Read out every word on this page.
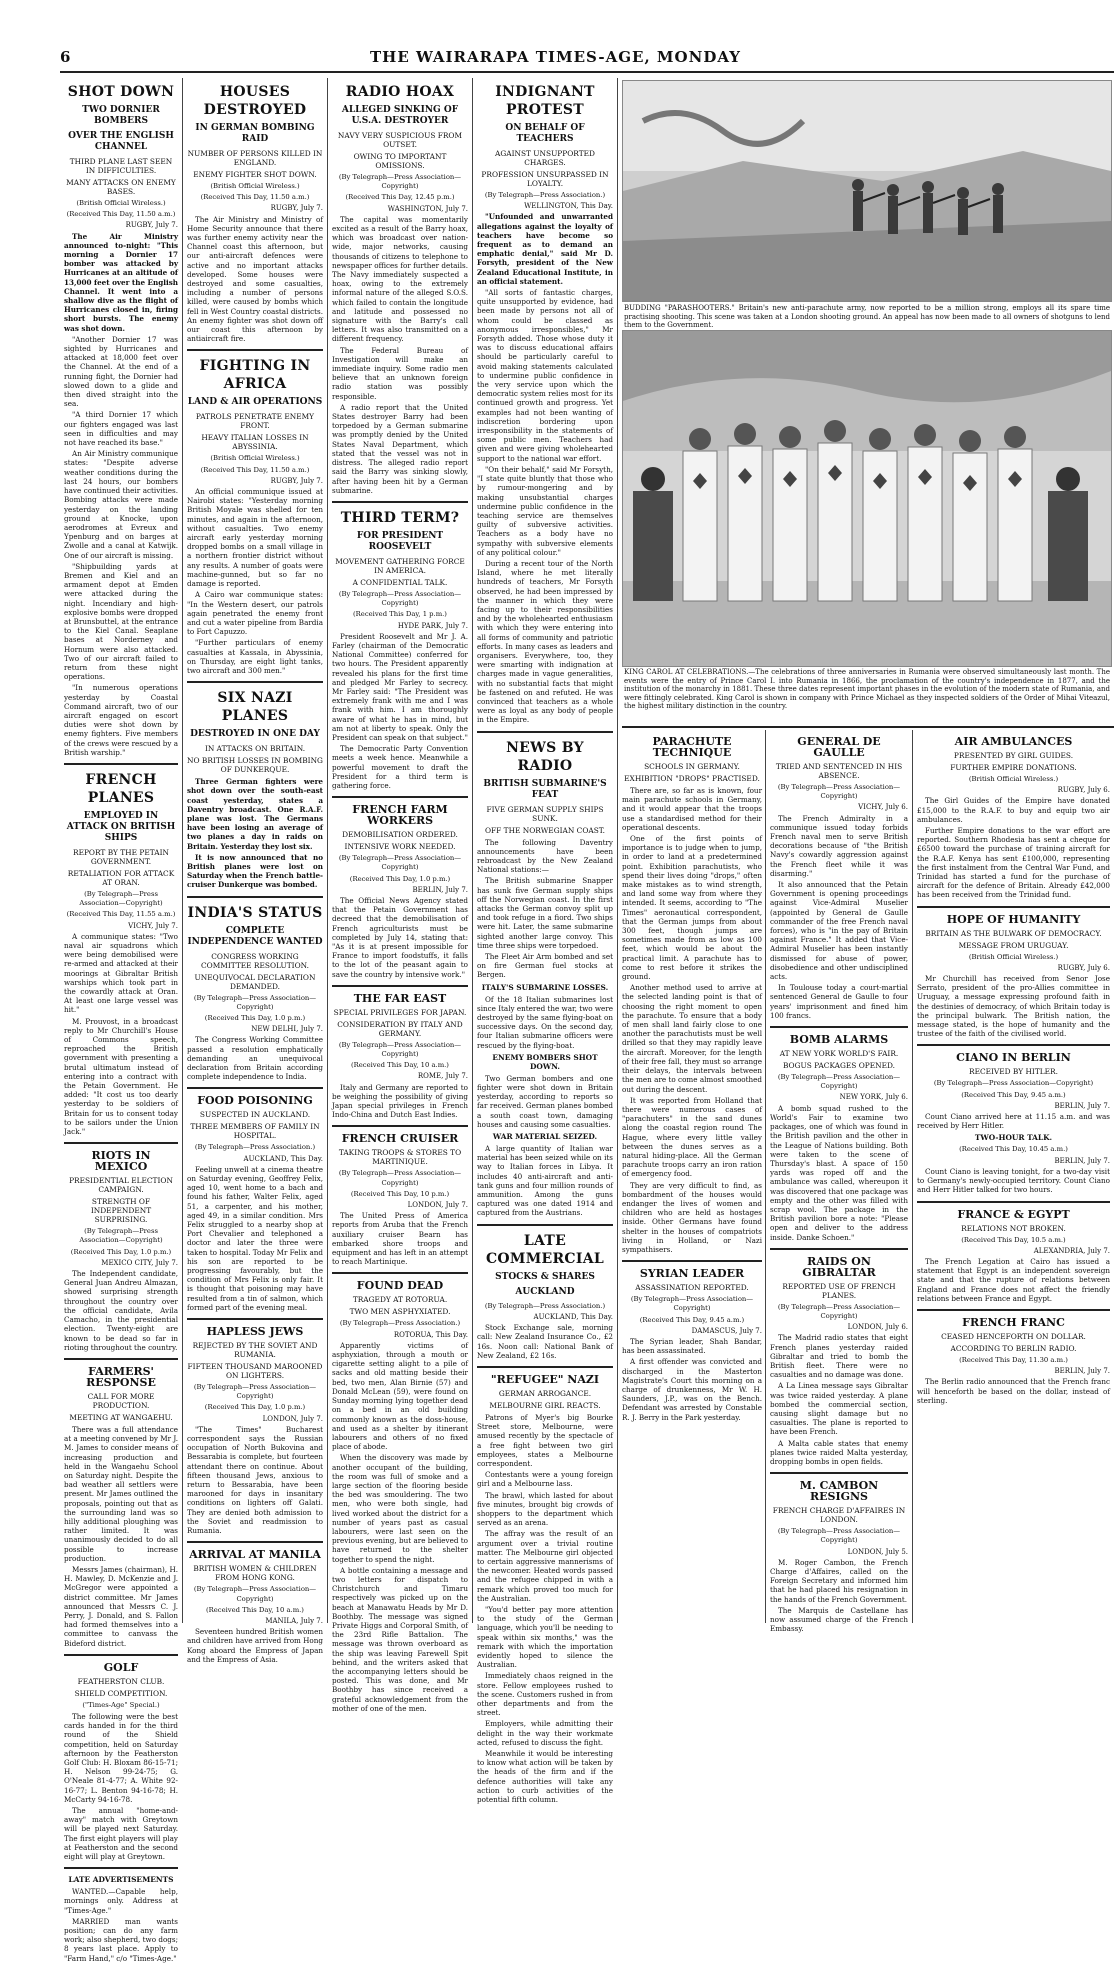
6	THE WAIRARAPA TIMES-AGE, MONDAY
SHOT DOWN
TWO DORNIER BOMBERS
OVER THE ENGLISH CHANNEL
THIRD PLANE LAST SEEN IN DIFFICULTIES.
MANY ATTACKS ON ENEMY BASES.
(British Official Wireless.)
(Received This Day, 11.50 a.m.)
RUGBY, July 7.

The Air Ministry announced to-night: "This morning a Dornier 17 bomber was attacked by Hurricanes at an altitude of 13,000 feet over the English Channel. It went into a shallow dive as the flight of Hurricanes closed in, firing short bursts. The enemy was shot down.

"Another Dornier 17 was sighted by Hurricanes and attacked at 18,000 feet over the Channel. At the end of a running fight, the Dornier had slowed down to a glide and then dived straight into the sea.

"A third Dornier 17 which our fighters engaged was last seen in difficulties and may not have reached its base."

An Air Ministry communique states: "Despite adverse weather conditions during the last 24 hours, our bombers have continued their activities. Bombing attacks were made yesterday on the landing ground at Knocke, upon aerodromes at Evreux and Ypenburg and on barges at Zwolle and a canal at Katwijk. One of our aircraft is missing.

"Shipbuilding yards at Bremen and Kiel and an armament depot at Emden were attacked during the night. Incendiary and high-explosive bombs were dropped at Brunsbuttel, at the entrance to the Kiel Canal. Seaplane bases at Norderney and Hornum were also attacked. Two of our aircraft failed to return from these night operations.

"In numerous operations yesterday by Coastal Command aircraft, two of our aircraft engaged on escort duties were shot down by enemy fighters. Five members of the crews were rescued by a British warship."

FRENCH PLANES
EMPLOYED IN ATTACK ON BRITISH SHIPS
REPORT BY THE PETAIN GOVERNMENT.
RETALIATION FOR ATTACK AT ORAN.
(By Telegraph—Press Association—Copyright)
(Received This Day, 11.55 a.m.)
VICHY, July 7.

A communique states: "Two naval air squadrons which were being demobilised were re-armed and attacked at their moorings at Gibraltar British warships which took part in the cowardly attack at Oran. At least one large vessel was hit."

M. Prouvost, in a broadcast reply to Mr Churchill's House of Commons speech, reproached the British government with presenting a brutal ultimatum instead of entering into a contract with the Petain Government. He added: "It cost us too dearly yesterday to be soldiers of Britain for us to consent today to be sailors under the Union Jack."

RIOTS IN MEXICO
PRESIDENTIAL ELECTION CAMPAIGN.
STRENGTH OF INDEPENDENT SURPRISING.
(By Telegraph—Press Association—Copyright)
(Received This Day, 1.0 p.m.)
MEXICO CITY, July 7.

The Independent candidate, General Juan Andreu Almazan, showed surprising strength throughout the country over the official candidate, Avila Camacho, in the presidential election. Twenty-eight are known to be dead so far in rioting throughout the country.

FARMERS' RESPONSE
CALL FOR MORE PRODUCTION.
MEETING AT WANGAEHU.

There was a full attendance at a meeting convened by Mr J. M. James to consider means of increasing production and held in the Wangaehu School on Saturday night. Despite the bad weather all settlers were present. Mr James outlined the proposals, pointing out that as the surrounding land was so hilly additional ploughing was rather limited. It was unanimously decided to do all possible to increase production.

Messrs James (chairman), H. H. Mawley, D. McKenzie and J. McGregor were appointed a district committee. Mr James announced that Messrs C. J. Perry, J. Donald, and S. Fallon had formed themselves into a committee to canvass the Bideford district.

GOLF
FEATHERSTON CLUB.
SHIELD COMPETITION.
("Times-Age" Special.)

The following were the best cards handed in for the third round of the Shield competition, held on Saturday afternoon by the Featherston Golf Club: H. Bloxam 86-15-71; H. Nelson 99-24-75; G. O'Neale 81-4-77; A. White 92-16-77; L. Benton 94-16-78; H. McCarty 94-16-78.

The annual "home-and-away" match with Greytown will be played next Saturday. The first eight players will play at Featherston and the second eight will play at Greytown.

LATE ADVERTISEMENTS

WANTED.—Capable help, mornings only. Address at "Times-Age."

MARRIED man wants position; can do any farm work; also shepherd, two dogs; 8 years last place. Apply to "Farm Hand," c/o "Times-Age."

HOUSES DESTROYED
IN GERMAN BOMBING RAID
NUMBER OF PERSONS KILLED IN ENGLAND.
ENEMY FIGHTER SHOT DOWN.
(British Official Wireless.)
(Received This Day, 11.50 a.m.)
RUGBY, July 7.

The Air Ministry and Ministry of Home Security announce that there was further enemy activity near the Channel coast this afternoon, but our anti-aircraft defences were active and no important attacks developed. Some houses were destroyed and some casualties, including a number of persons killed, were caused by bombs which fell in West Country coastal districts. An enemy fighter was shot down off our coast this afternoon by antiaircraft fire.

FIGHTING IN AFRICA
LAND & AIR OPERATIONS
PATROLS PENETRATE ENEMY FRONT.
HEAVY ITALIAN LOSSES IN ABYSSINIA.
(British Official Wireless.)
(Received This Day, 11.50 a.m.)
RUGBY, July 7.

An official communique issued at Nairobi states: "Yesterday morning British Moyale was shelled for ten minutes, and again in the afternoon, without casualties. Two enemy aircraft early yesterday morning dropped bombs on a small village in a northern frontier district without any results. A number of goats were machine-gunned, but so far no damage is reported.

A Cairo war communique states: "In the Western desert, our patrols again penetrated the enemy front and cut a water pipeline from Bardia to Fort Capuzzo.

"Further particulars of enemy casualties at Kassala, in Abyssinia, on Thursday, are eight light tanks, two aircraft and 300 men."

SIX NAZI PLANES
DESTROYED IN ONE DAY
IN ATTACKS ON BRITAIN.
NO BRITISH LOSSES IN BOMBING OF DUNKERQUE.

Three German fighters were shot down over the south-east coast yesterday, states a Daventry broadcast. One R.A.F. plane was lost. The Germans have been losing an average of two planes a day in raids on Britain. Yesterday they lost six.

It is now announced that no British planes were lost on Saturday when the French battle-cruiser Dunkerque was bombed.

INDIA'S STATUS
COMPLETE INDEPENDENCE WANTED
CONGRESS WORKING COMMITTEE RESOLUTION.
UNEQUIVOCAL DECLARATION DEMANDED.
(By Telegraph—Press Association—Copyright)
(Received This Day, 1.0 p.m.)
NEW DELHI, July 7.

The Congress Working Committee passed a resolution emphatically demanding an unequivocal declaration from Britain according complete independence to India.

FOOD POISONING
SUSPECTED IN AUCKLAND.
THREE MEMBERS OF FAMILY IN HOSPITAL.
(By Telegraph—Press Association.)
AUCKLAND, This Day.

Feeling unwell at a cinema theatre on Saturday evening, Geoffrey Felix, aged 10, went home to a bach and found his father, Walter Felix, aged 51, a carpenter, and his mother, aged 49, in a similar condition. Mrs Felix struggled to a nearby shop at Port Chevalier and telephoned a doctor and later the three were taken to hospital. Today Mr Felix and his son are reported to be progressing favourably, but the condition of Mrs Felix is only fair. It is thought that poisoning may have resulted from a tin of salmon, which formed part of the evening meal.

HAPLESS JEWS
REJECTED BY THE SOVIET AND RUMANIA.
FIFTEEN THOUSAND MAROONED ON LIGHTERS.
(By Telegraph—Press Association—Copyright)
(Received This Day, 1.0 p.m.)
LONDON, July 7.

"The Times" Bucharest correspondent says the Russian occupation of North Bukovina and Bessarabia is complete, but fourteen attendant there on continue. About fifteen thousand Jews, anxious to return to Bessarabia, have been marooned for days in insanitary conditions on lighters off Galati. They are denied both admission to the Soviet and readmission to Rumania.

ARRIVAL AT MANILA
BRITISH WOMEN & CHILDREN FROM HONG KONG.
(By Telegraph—Press Association—Copyright)
(Received This Day, 10 a.m.)
MANILA, July 7.

Seventeen hundred British women and children have arrived from Hong Kong aboard the Empress of Japan and the Empress of Asia.

RADIO HOAX
ALLEGED SINKING OF U.S.A. DESTROYER
NAVY VERY SUSPICIOUS FROM OUTSET.
OWING TO IMPORTANT OMISSIONS.
(By Telegraph—Press Association—Copyright)
(Received This Day, 12.45 p.m.)
WASHINGTON, July 7.

The capital was momentarily excited as a result of the Barry hoax, which was broadcast over nation-wide, major networks, causing thousands of citizens to telephone to newspaper offices for further details. The Navy immediately suspected a hoax, owing to the extremely informal nature of the alleged S.O.S. which failed to contain the longitude and latitude and possessed no signature with the Barry's call letters. It was also transmitted on a different frequency.

The Federal Bureau of Investigation will make an immediate inquiry. Some radio men believe that an unknown foreign radio station was possibly responsible.

A radio report that the United States destroyer Barry had been torpedoed by a German submarine was promptly denied by the United States Naval Department, which stated that the vessel was not in distress. The alleged radio report said the Barry was sinking slowly, after having been hit by a German submarine.

THIRD TERM?
FOR PRESIDENT ROOSEVELT
MOVEMENT GATHERING FORCE IN AMERICA.
A CONFIDENTIAL TALK.
(By Telegraph—Press Association—Copyright)
(Received This Day, 1 p.m.)
HYDE PARK, July 7.

President Roosevelt and Mr J. A. Farley (chairman of the Democratic National Committee) conferred for two hours. The President apparently revealed his plans for the first time and pledged Mr Farley to secrecy. Mr Farley said: "The President was extremely frank with me and I was frank with him. I am thoroughly aware of what he has in mind, but am not at liberty to speak. Only the President can speak on that subject."

The Democratic Party Convention meets a week hence. Meanwhile a powerful movement to draft the President for a third term is gathering force.

FRENCH FARM WORKERS
DEMOBILISATION ORDERED.
INTENSIVE WORK NEEDED.
(By Telegraph—Press Association—Copyright)
(Received This Day, 1.0 p.m.)
BERLIN, July 7.

The Official News Agency stated that the Petain Government has decreed that the demobilisation of French agriculturists must be completed by July 14, stating that: "As it is at present impossible for France to import foodstuffs, it falls to the lot of the peasant again to save the country by intensive work."

THE FAR EAST
SPECIAL PRIVILEGES FOR JAPAN.
CONSIDERATION BY ITALY AND GERMANY.
(By Telegraph—Press Association—Copyright)
(Received This Day, 10 a.m.)
ROME, July 7.

Italy and Germany are reported to be weighing the possibility of giving Japan special privileges in French Indo-China and Dutch East Indies.

FRENCH CRUISER
TAKING TROOPS & STORES TO MARTINIQUE.
(By Telegraph—Press Association—Copyright)
(Received This Day, 10 p.m.)
LONDON, July 7.

The United Press of America reports from Aruba that the French auxiliary cruiser Bearn has embarked shore troops and equipment and has left in an attempt to reach Martinique.

FOUND DEAD
TRAGEDY AT ROTORUA.
TWO MEN ASPHYXIATED.
(By Telegraph—Press Association.)
ROTORUA, This Day.

Apparently victims of asphyxiation, through a mouth or cigarette setting alight to a pile of sacks and old matting beside their bed, two men, Alan Birnie (57) and Donald McLean (59), were found on Sunday morning lying together dead on a bed in an old building commonly known as the doss-house, and used as a shelter by itinerant labourers and others of no fixed place of abode.

When the discovery was made by another occupant of the building, the room was full of smoke and a large section of the flooring beside the bed was smouldering. The two men, who were both single, had lived worked about the district for a number of years past as casual labourers, were last seen on the previous evening, but are believed to have returned to the shelter together to spend the night.

A bottle containing a message and two letters for dispatch to Christchurch and Timaru respectively was picked up on the beach at Manawatu Heads by Mr D. Boothby. The message was signed Private Higgs and Corporal Smith, of the 23rd Rifle Battalion. The message was thrown overboard as the ship was leaving Farewell Spit behind, and the writers asked that the accompanying letters should be posted. This was done, and Mr Boothby has since received a grateful acknowledgement from the mother of one of the men.

INDIGNANT PROTEST
ON BEHALF OF TEACHERS
AGAINST UNSUPPORTED CHARGES.
PROFESSION UNSURPASSED IN LOYALTY.
(By Telegraph—Press Association.)
WELLINGTON, This Day.

"Unfounded and unwarranted allegations against the loyalty of teachers have become so frequent as to demand an emphatic denial," said Mr D. Forsyth, president of the New Zealand Educational Institute, in an official statement.

"All sorts of fantastic charges, quite unsupported by evidence, had been made by persons not all of whom could be classed as anonymous irresponsibles," Mr Forsyth added. Those whose duty it was to discuss educational affairs should be particularly careful to avoid making statements calculated to undermine public confidence in the very service upon which the democratic system relies most for its continued growth and progress. Yet examples had not been wanting of indiscretion bordering upon irresponsibility in the statements of some public men. Teachers had given and were giving wholehearted support to the national war effort.

"On their behalf," said Mr Forsyth, "I state quite bluntly that those who by rumour-mongering and by making unsubstantial charges undermine public confidence in the teaching service are themselves guilty of subversive activities. Teachers as a body have no sympathy with subversive elements of any political colour."

During a recent tour of the North Island, where he met literally hundreds of teachers, Mr Forsyth observed, he had been impressed by the manner in which they were facing up to their responsibilities and by the wholehearted enthusiasm with which they were entering into all forms of community and patriotic efforts. In many cases as leaders and organisers. Everywhere, too, they were smarting with indignation at charges made in vague generalities, with no substantial facts that might be fastened on and refuted. He was convinced that teachers as a whole were as loyal as any body of people in the Empire.

NEWS BY RADIO
BRITISH SUBMARINE'S FEAT
FIVE GERMAN SUPPLY SHIPS SUNK.
OFF THE NORWEGIAN COAST.

The following Daventry announcements have been rebroadcast by the New Zealand National stations:—

The British submarine Snapper has sunk five German supply ships off the Norwegian coast. In the first attacks the German convoy split up and took refuge in a fiord. Two ships were hit. Later, the same submarine sighted another large convoy. This time three ships were torpedoed.

The Fleet Air Arm bombed and set on fire German fuel stocks at Bergen.

ITALY'S SUBMARINE LOSSES.

Of the 18 Italian submarines lost since Italy entered the war, two were destroyed by the same flying-boat on successive days. On the second day, four Italian submarine officers were rescued by the flying-boat.

ENEMY BOMBERS SHOT DOWN.

Two German bombers and one fighter were shot down in Britain yesterday, according to reports so far received. German planes bombed a south coast town, damaging houses and causing some casualties.

WAR MATERIAL SEIZED.

A large quantity of Italian war material has been seized while on its way to Italian forces in Libya. It includes 40 anti-aircraft and anti-tank guns and four million rounds of ammunition. Among the guns captured was one dated 1914 and captured from the Austrians.

LATE COMMERCIAL
STOCKS & SHARES
AUCKLAND
(By Telegraph—Press Association.)
AUCKLAND, This Day.

Stock Exchange sale, morning call: New Zealand Insurance Co., £2 16s. Noon call: National Bank of New Zealand, £2 16s.

"REFUGEE" NAZI
GERMAN ARROGANCE.
MELBOURNE GIRL REACTS.

Patrons of Myer's big Bourke Street store, Melbourne, were amused recently by the spectacle of a free fight between two girl employees, states a Melbourne correspondent.

Contestants were a young foreign girl and a Melbourne lass.

The brawl, which lasted for about five minutes, brought big crowds of shoppers to the department which served as an arena.

The affray was the result of an argument over a trivial routine matter. The Melbourne girl objected to certain aggressive mannerisms of the newcomer. Heated words passed and the refugee chipped in with a remark which proved too much for the Australian.

"You'd better pay more attention to the study of the German language, which you'll be needing to speak within six months," was the remark with which the importation evidently hoped to silence the Australian.

Immediately chaos reigned in the store. Fellow employees rushed to the scene. Customers rushed in from other departments and from the street.

Employers, while admitting their delight in the way their workmate acted, refused to discuss the fight.

Meanwhile it would be interesting to know what action will be taken by the heads of the firm and if the defence authorities will take any action to curb activities of the potential fifth column.

BUDDING "PARASHOOTERS." Britain's new anti-parachute army, now reported to be a million strong, employs all its spare time practising shooting. This scene was taken at a London shooting ground. An appeal has now been made to all owners of shotguns to lend them to the Government.
KING CAROL AT CELEBRATIONS.—The celebrations of three anniversaries in Rumania were observed simultaneously last month. The events were the entry of Prince Carol I. into Rumania in 1866, the proclamation of the country's independence in 1877, and the institution of the monarchy in 1881. These three dates represent important phases in the evolution of the modern state of Rumania, and were fittingly celebrated. King Carol is shown in company with Prince Michael as they inspected soldiers of the Order of Mihai Viteazul, the highest military distinction in the country.
PARACHUTE TECHNIQUE
SCHOOLS IN GERMANY.
EXHIBITION "DROPS" PRACTISED.

There are, so far as is known, four main parachute schools in Germany, and it would appear that the troops use a standardised method for their operational descents.

One of the first points of importance is to judge when to jump, in order to land at a predetermined point. Exhibition parachutists, who spend their lives doing "drops," often make mistakes as to wind strength, and land some way from where they intended. It seems, according to "The Times" aeronautical correspondent, that the German jumps from about 300 feet, though jumps are sometimes made from as low as 100 feet, which would be about the practical limit. A parachute has to come to rest before it strikes the ground.

Another method used to arrive at the selected landing point is that of choosing the right moment to open the parachute. To ensure that a body of men shall land fairly close to one another the parachutists must be well drilled so that they may rapidly leave the aircraft. Moreover, for the length of their free fall, they must so arrange their delays, the intervals between the men are to come almost smoothed out during the descent.

It was reported from Holland that there were numerous cases of "parachuters" in the sand dunes along the coastal region round The Hague, where every little valley between the dunes serves as a natural hiding-place. All the German parachute troops carry an iron ration of emergency food.

They are very difficult to find, as bombardment of the houses would endanger the lives of women and children who are held as hostages inside. Other Germans have found shelter in the houses of compatriots living in Holland, or Nazi sympathisers.

SYRIAN LEADER
ASSASSINATION REPORTED.
(By Telegraph—Press Association—Copyright)
(Received This Day, 9.45 a.m.)
DAMASCUS, July 7.

The Syrian leader, Shah Bandar, has been assassinated.

A first offender was convicted and discharged in the Masterton Magistrate's Court this morning on a charge of drunkenness, Mr W. H. Saunders, J.P., was on the Bench. Defendant was arrested by Constable R. J. Berry in the Park yesterday.

GENERAL DE GAULLE
TRIED AND SENTENCED IN HIS ABSENCE.
(By Telegraph—Press Association—Copyright)
VICHY, July 6.

The French Admiralty in a communique issued today forbids French naval men to serve British decorations because of "the British Navy's cowardly aggression against the French fleet while it was disarming."

It also announced that the Petain Government is opening proceedings against Vice-Admiral Muselier (appointed by General de Gaulle commander of the free French naval forces), who is "in the pay of Britain against France." It added that Vice-Admiral Muselier has been instantly dismissed for abuse of power, disobedience and other undisciplined acts.

In Toulouse today a court-martial sentenced General de Gaulle to four years' imprisonment and fined him 100 francs.

BOMB ALARMS
AT NEW YORK WORLD'S FAIR.
BOGUS PACKAGES OPENED.
(By Telegraph—Press Association—Copyright)
NEW YORK, July 6.

A bomb squad rushed to the World's Fair to examine two packages, one of which was found in the British pavilion and the other in the League of Nations building. Both were taken to the scene of Thursday's blast. A space of 150 yards was roped off and the ambulance was called, whereupon it was discovered that one package was empty and the other was filled with scrap wool. The package in the British pavilion bore a note: "Please open and deliver to the address inside. Danke Schoen."

RAIDS ON GIBRALTAR
REPORTED USE OF FRENCH PLANES.
(By Telegraph—Press Association—Copyright)
LONDON, July 6.

The Madrid radio states that eight French planes yesterday raided Gibraltar and tried to bomb the British fleet. There were no casualties and no damage was done.

A La Linea message says Gibraltar was twice raided yesterday. A plane bombed the commercial section, causing slight damage but no casualties. The plane is reported to have been French.

A Malta cable states that enemy planes twice raided Malta yesterday, dropping bombs in open fields.

M. CAMBON RESIGNS
FRENCH CHARGE D'AFFAIRES IN LONDON.
(By Telegraph—Press Association—Copyright)
LONDON, July 5.

M. Roger Cambon, the French Charge d'Affaires, called on the Foreign Secretary and informed him that he had placed his resignation in the hands of the French Government.

The Marquis de Castellane has now assumed charge of the French Embassy.

AIR AMBULANCES
PRESENTED BY GIRL GUIDES.
FURTHER EMPIRE DONATIONS.
(British Official Wireless.)
RUGBY, July 6.

The Girl Guides of the Empire have donated £15,000 to the R.A.F. to buy and equip two air ambulances.

Further Empire donations to the war effort are reported. Southern Rhodesia has sent a cheque for £6500 toward the purchase of training aircraft for the R.A.F. Kenya has sent £100,000, representing the first instalment from the Central War Fund, and Trinidad has started a fund for the purchase of aircraft for the defence of Britain. Already £42,000 has been received from the Trinidad fund.

HOPE OF HUMANITY
BRITAIN AS THE BULWARK OF DEMOCRACY.
MESSAGE FROM URUGUAY.
(British Official Wireless.)
RUGBY, July 6.

Mr Churchill has received from Senor Jose Serrato, president of the pro-Allies committee in Uruguay, a message expressing profound faith in the destinies of democracy, of which Britain today is the principal bulwark. The British nation, the message stated, is the hope of humanity and the trustee of the faith of the civilised world.

CIANO IN BERLIN
RECEIVED BY HITLER.
(By Telegraph—Press Association—Copyright)
(Received This Day, 9.45 a.m.)
BERLIN, July 7.

Count Ciano arrived here at 11.15 a.m. and was received by Herr Hitler.

TWO-HOUR TALK.
(Received This Day, 10.45 a.m.)
BERLIN, July 7.

Count Ciano is leaving tonight, for a two-day visit to Germany's newly-occupied territory. Count Ciano and Herr Hitler talked for two hours.

FRANCE & EGYPT
RELATIONS NOT BROKEN.
(Received This Day, 10.5 a.m.)
ALEXANDRIA, July 7.

The French Legation at Cairo has issued a statement that Egypt is an independent sovereign state and that the rupture of relations between England and France does not affect the friendly relations between France and Egypt.

FRENCH FRANC
CEASED HENCEFORTH ON DOLLAR.
ACCORDING TO BERLIN RADIO.
(Received This Day, 11.30 a.m.)
BERLIN, July 7.

The Berlin radio announced that the French franc will henceforth be based on the dollar, instead of sterling.
